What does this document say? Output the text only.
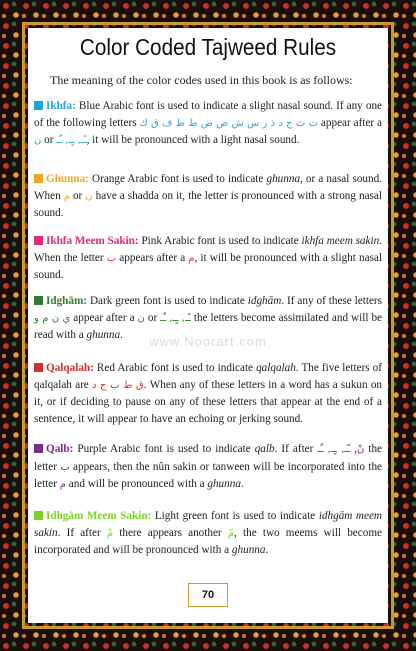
Color Coded Tajweed Rules
The meaning of the color codes used in this book is as follows:
Ikhfa: Blue Arabic font is used to indicate a slight nasal sound. If any one of the following letters ت ث ج د ذ ز س ش ص ض ط ظ ف ق ك appear after a ن or ـًـ, ـٍـ, ـٌـ, it will be pronounced with a light nasal sound.
Ghunna: Orange Arabic font is used to indicate ghunna, or a nasal sound. When م or ن have a shadda on it, the letter is pronounced with a strong nasal sound.
Ikhfa Meem Sakin: Pink Arabic font is used to indicate ikhfa meem sakin. When the letter ب appears after a م, it will be pronounced with a slight nasal sound.
Idghām: Dark green font is used to indicate idghām. If any of these letters ي ن م و appear after a ن or ـًـ, ـٍـ, ـٌـ the letters become assimilated and will be read with a ghunna.
Qalqalah: Red Arabic font is used to indicate qalqalah. The five letters of qalqalah are ق ط ب ج د. When any of these letters in a word has a sukun on it, or if deciding to pause on any of these letters that appear at the end of a sentence, it will appear to have an echoing or jerking sound.
Qalb: Purple Arabic font is used to indicate qalb. If after	نْ, ـًـ, ـٍـ, ـٌـ the letter ب appears, then the nûn sakin or tanween will be incorporated into the letter م and will be pronounced with a ghunna.
Idhgām Meem Sakin: Light green font is used to indicate idhgām meem sakin. If after مْ there appears another مّ, the two meems will become incorporated and will be pronounced with a ghunna.
www.Noorart.com
70
